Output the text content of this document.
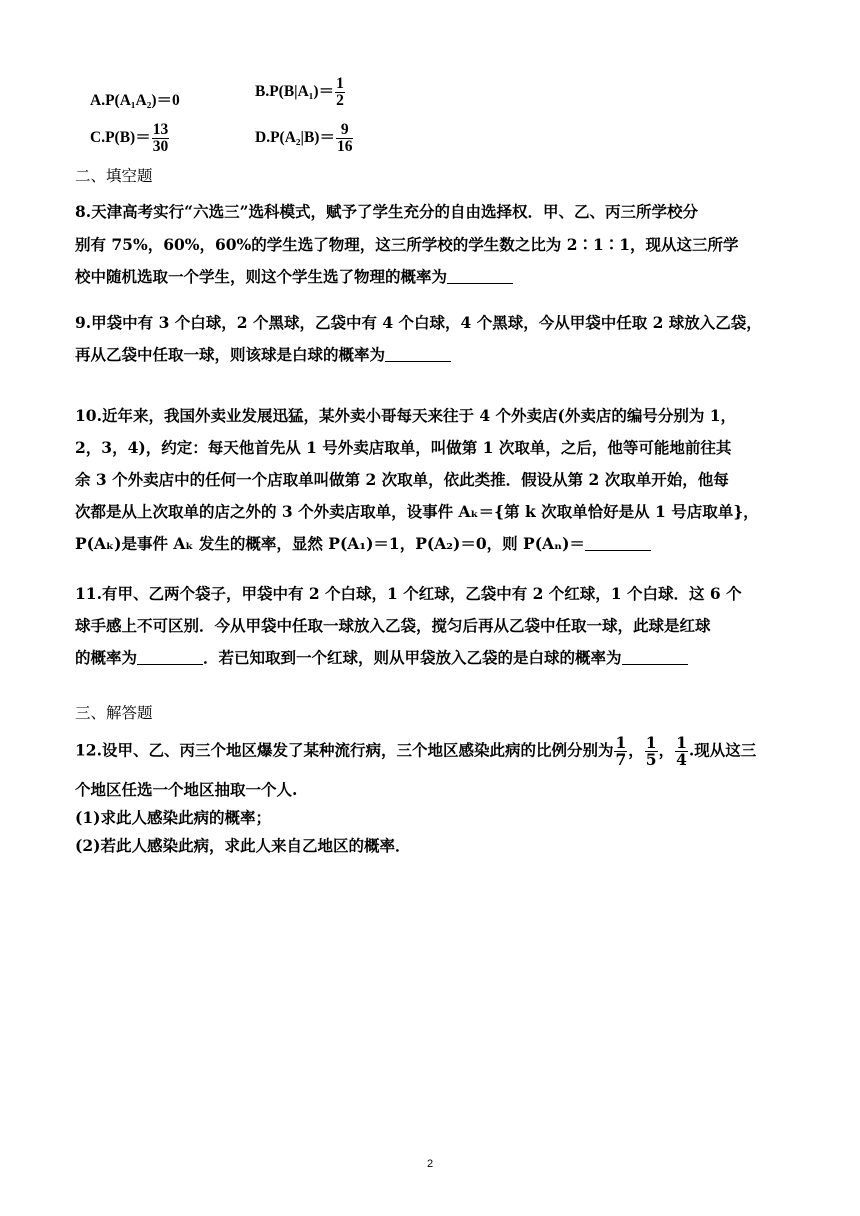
A.P(A₁A₂)＝0
$B.P(B|A_1)= \frac{1}{2}$
$C.P(B)= \frac{13}{30}$	$D.P(A_2|B)= \frac{9}{16}$
二、填空题
8.天津高考实行“六选三”选科模式，赋予了学生充分的自由选择权．甲、乙、丙三所学校分
别有 75%，60%，60%的学生选了物理，这三所学校的学生数之比为 2∶1∶1，现从这三所学
校中随机选取一个学生，则这个学生选了物理的概率为
9.甲袋中有 3 个白球，2 个黑球，乙袋中有 4 个白球，4 个黑球，今从甲袋中任取 2 球放入乙袋，
再从乙袋中任取一球，则该球是白球的概率为
10.近年来，我国外卖业发展迅猛，某外卖小哥每天来往于 4 个外卖店(外卖店的编号分别为 1，
2，3，4)，约定：每天他首先从 1 号外卖店取单，叫做第 1 次取单，之后，他等可能地前往其
余 3 个外卖店中的任何一个店取单叫做第 2 次取单，依此类推．假设从第 2 次取单开始，他每
次都是从上次取单的店之外的 3 个外卖店取单，设事件 Aₖ＝{第 k 次取单恰好是从 1 号店取单}，
P(Aₖ)是事件 Aₖ 发生的概率，显然 P(A₁)＝1，P(A₂)＝0，则 P(Aₙ)＝
11.有甲、乙两个袋子，甲袋中有 2 个白球，1 个红球，乙袋中有 2 个红球，1 个白球．这 6 个
球手感上不可区别．今从甲袋中任取一球放入乙袋，搅匀后再从乙袋中任取一球，此球是红球
的概率为	．若已知取到一个红球，则从甲袋放入乙袋的是白球的概率为
三、解答题
12.设甲、乙、丙三个地区爆发了某种流行病，三个地区感染此病的比例分别为 $\frac{1}{7}$ ， $\frac{1}{5}$ ， $\frac{1}{4}$ .现从这三
个地区任选一个地区抽取一个人.
(1)求此人感染此病的概率；
(2)若此人感染此病，求此人来自乙地区的概率．
2
